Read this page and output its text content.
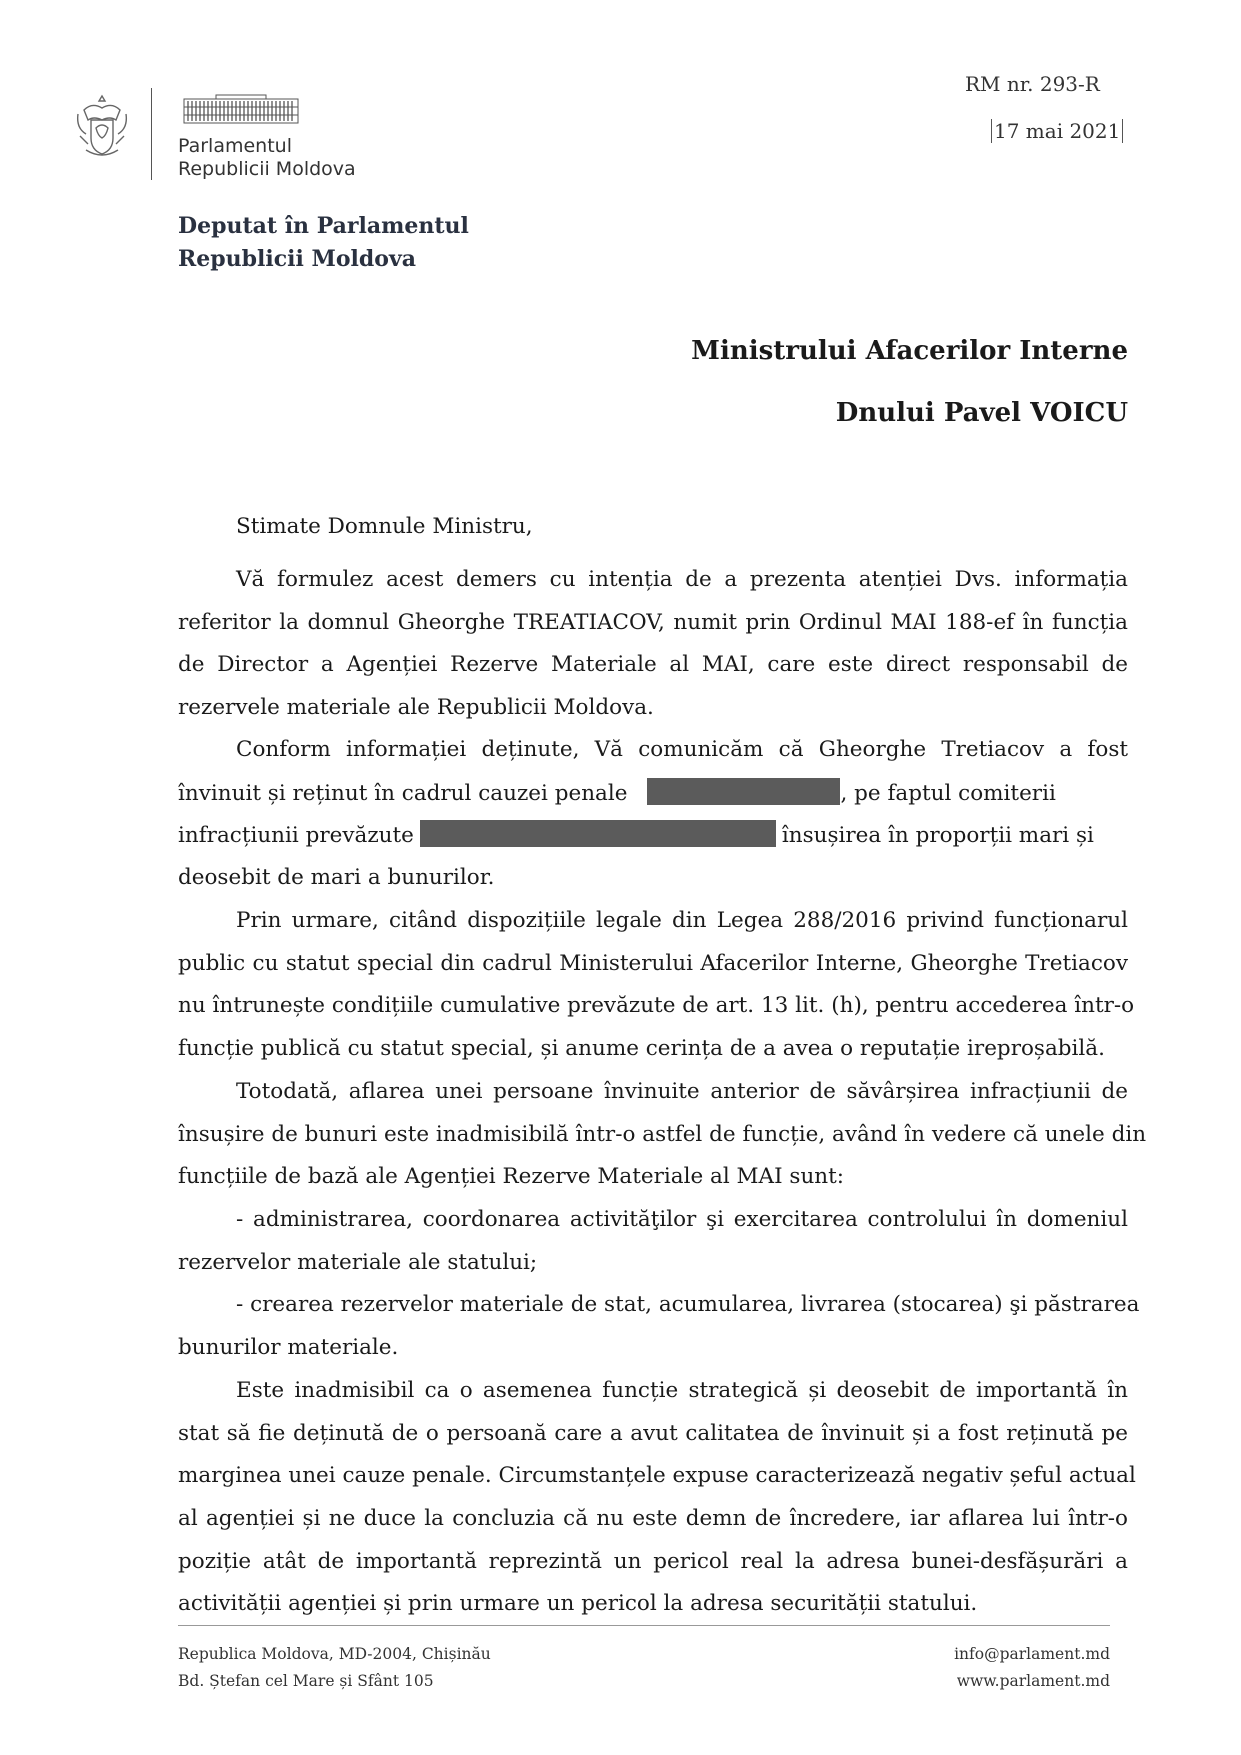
Parlamentul
Republicii Moldova
RM nr. 293-R
17 mai 2021
Deputat în Parlamentul
Republicii Moldova
Ministrului Afacerilor Interne
Dnului Pavel VOICU
Stimate Domnule Ministru,
Vă formulez acest demers cu intenția de a prezenta atenției Dvs. informația
referitor la domnul Gheorghe TREATIACOV, numit prin Ordinul MAI 188-ef în funcția
de Director a Agenției Rezerve Materiale al MAI, care este direct responsabil de
rezervele materiale ale Republicii Moldova.
Conform informației deținute, Vă comunicăm că Gheorghe Tretiacov a fost
învinuit și reținut în cadrul cauzei penale	, pe faptul comiterii
infracțiunii prevăzute	însușirea în proporții mari și
deosebit de mari a bunurilor.
Prin urmare, citând dispozițiile legale din Legea 288/2016 privind funcționarul
public cu statut special din cadrul Ministerului Afacerilor Interne, Gheorghe Tretiacov
nu întrunește condițiile cumulative prevăzute de art. 13 lit. (h), pentru accederea într-o
funcție publică cu statut special, și anume cerința de a avea o reputație ireproșabilă.
Totodată, aflarea unei persoane învinuite anterior de săvârșirea infracțiunii de
însușire de bunuri este inadmisibilă într-o astfel de funcție, având în vedere că unele din
funcțiile de bază ale Agenției Rezerve Materiale al MAI sunt:
- administrarea, coordonarea activităţilor şi exercitarea controlului în domeniul
rezervelor materiale ale statului;
- crearea rezervelor materiale de stat, acumularea, livrarea (stocarea) şi păstrarea
bunurilor materiale.
Este inadmisibil ca o asemenea funcție strategică și deosebit de importantă în
stat să fie deținută de o persoană care a avut calitatea de învinuit și a fost reținută pe
marginea unei cauze penale. Circumstanțele expuse caracterizează negativ șeful actual
al agenției și ne duce la concluzia că nu este demn de încredere, iar aflarea lui într-o
poziție atât de importantă reprezintă un pericol real la adresa bunei-desfășurări a
activității agenției și prin urmare un pericol la adresa securității statului.
Republica Moldova, MD-2004, Chișinău
Bd. Ștefan cel Mare și Sfânt 105
info@parlament.md
www.parlament.md
